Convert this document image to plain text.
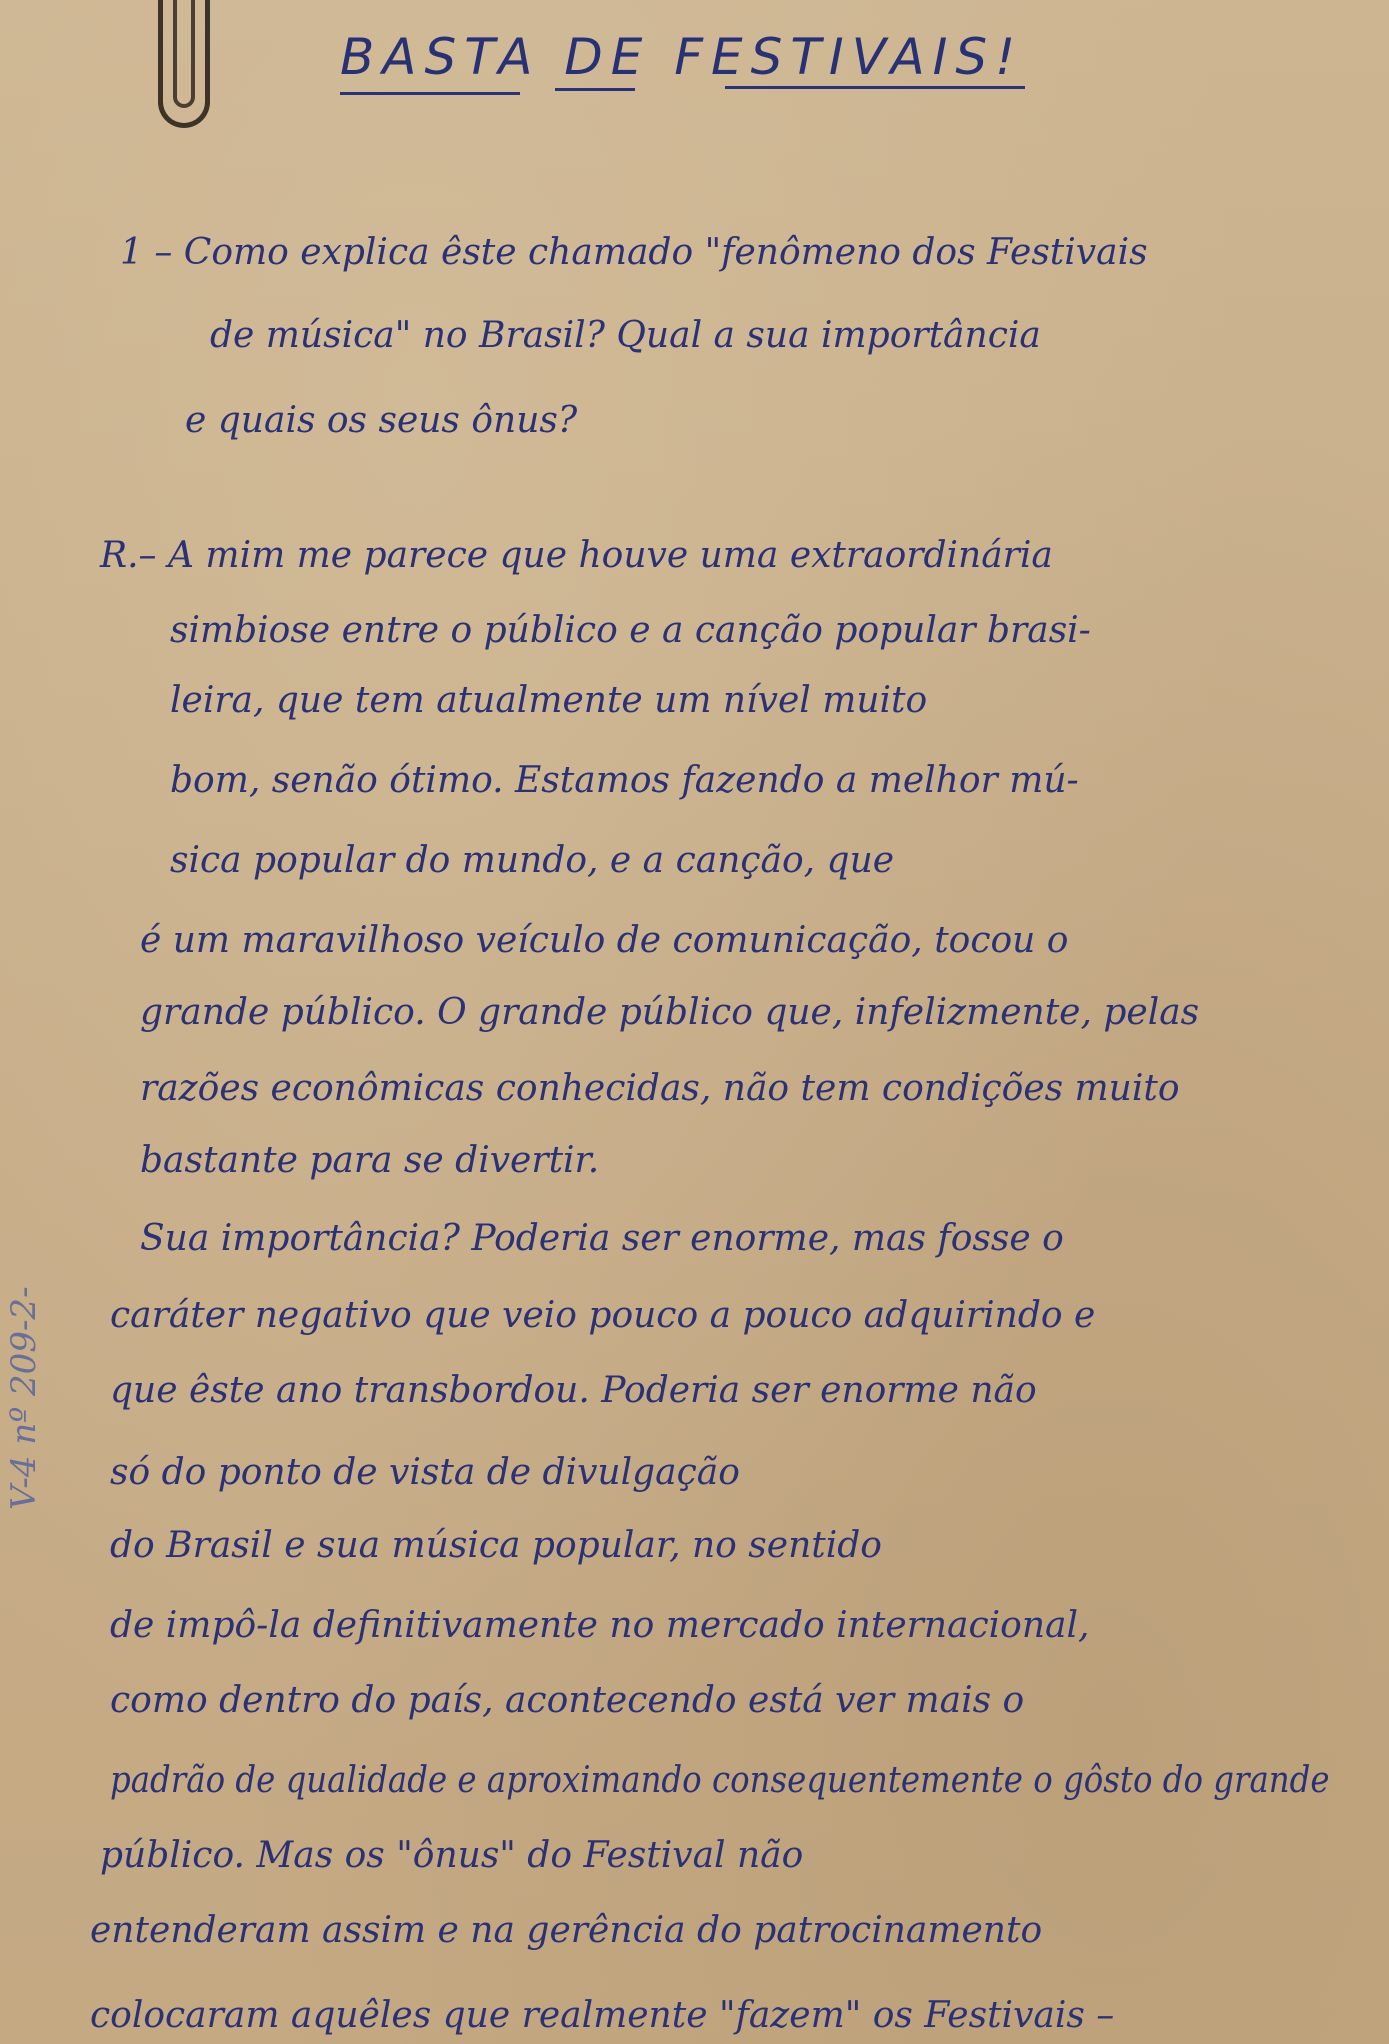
BASTA DE FESTIVAIS!
V-4 nº 209-2-
1 – Como explica êste chamado "fenômeno dos Festivais
de música" no Brasil? Qual a sua importância
e quais os seus ônus?
R.– A mim me parece que houve uma extraordinária
simbiose entre o público e a canção popular brasi-
leira, que tem atualmente um nível muito
bom, senão ótimo. Estamos fazendo a melhor mú-
sica popular do mundo, e a canção, que
é um maravilhoso veículo de comunicação, tocou o
grande público. O grande público que, infelizmente, pelas
razões econômicas conhecidas, não tem condições muito
bastante para se divertir.
Sua importância? Poderia ser enorme, mas fosse o
caráter negativo que veio pouco a pouco adquirindo e
que êste ano transbordou. Poderia ser enorme não
só do ponto de vista de divulgação
do Brasil e sua música popular, no sentido
de impô-la definitivamente no mercado internacional,
como dentro do país, acontecendo está ver mais o
padrão de qualidade e aproximando consequentemente o gôsto do grande
público. Mas os "ônus" do Festival não
entenderam assim e na gerência do patrocinamento
colocaram aquêles que realmente "fazem" os Festivais –
